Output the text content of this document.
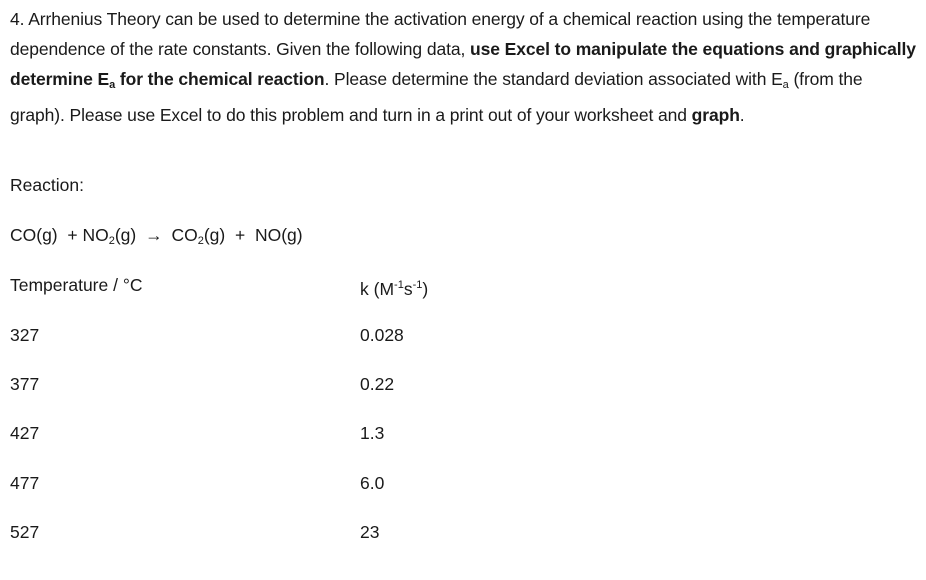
4. Arrhenius Theory can be used to determine the activation energy of a chemical reaction using the temperature dependence of the rate constants. Given the following data, use Excel to manipulate the equations and graphically determine Ea for the chemical reaction. Please determine the standard deviation associated with Ea (from the graph). Please use Excel to do this problem and turn in a print out of your worksheet and graph.

Reaction:
$CO(g) + NO_2(g) \to CO_2(g) + NO(g)$
Temperature / °C	k $(M^{-1}s^{-1})$
327	0.028
377	0.22
427	1.3
477	6.0
527	23
